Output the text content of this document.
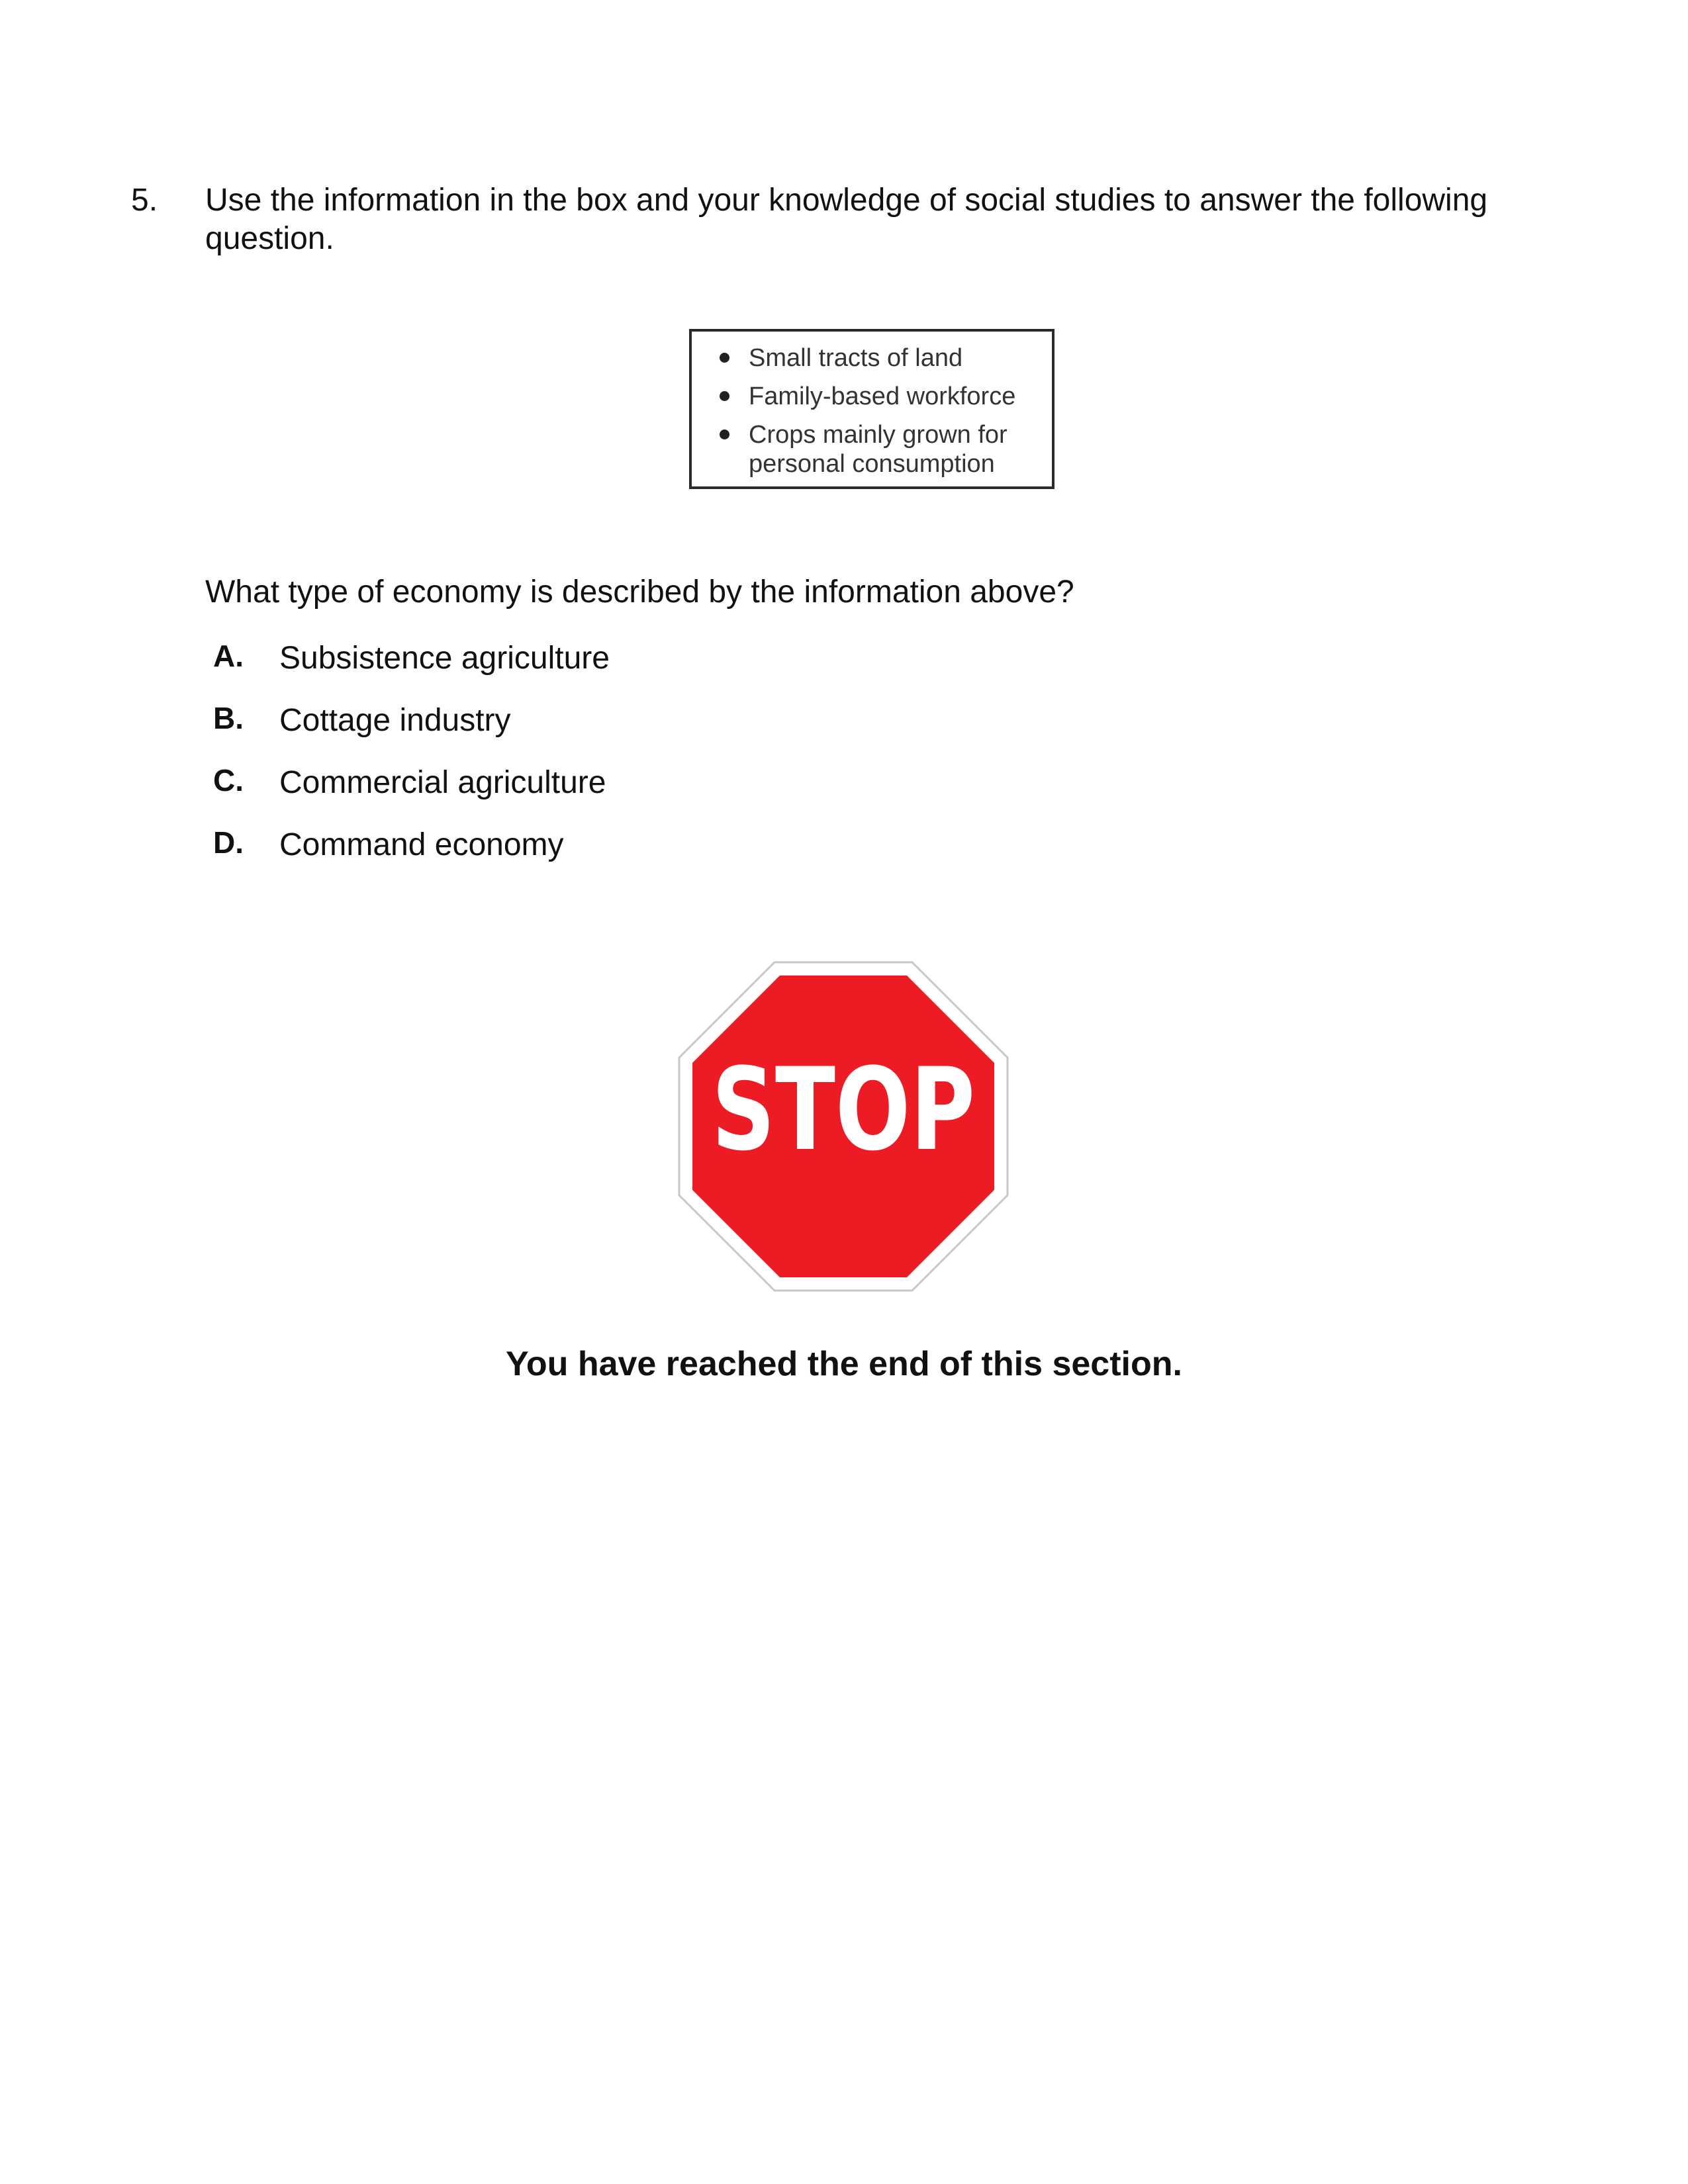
5. Use the information in the box and your knowledge of social studies to answer the following question.
Small tracts of land
Family-based workforce
Crops mainly grown for
personal consumption
What type of economy is described by the information above?
A. Subsistence agriculture
B. Cottage industry
C. Commercial agriculture
D. Command economy
STOP
You have reached the end of this section.
